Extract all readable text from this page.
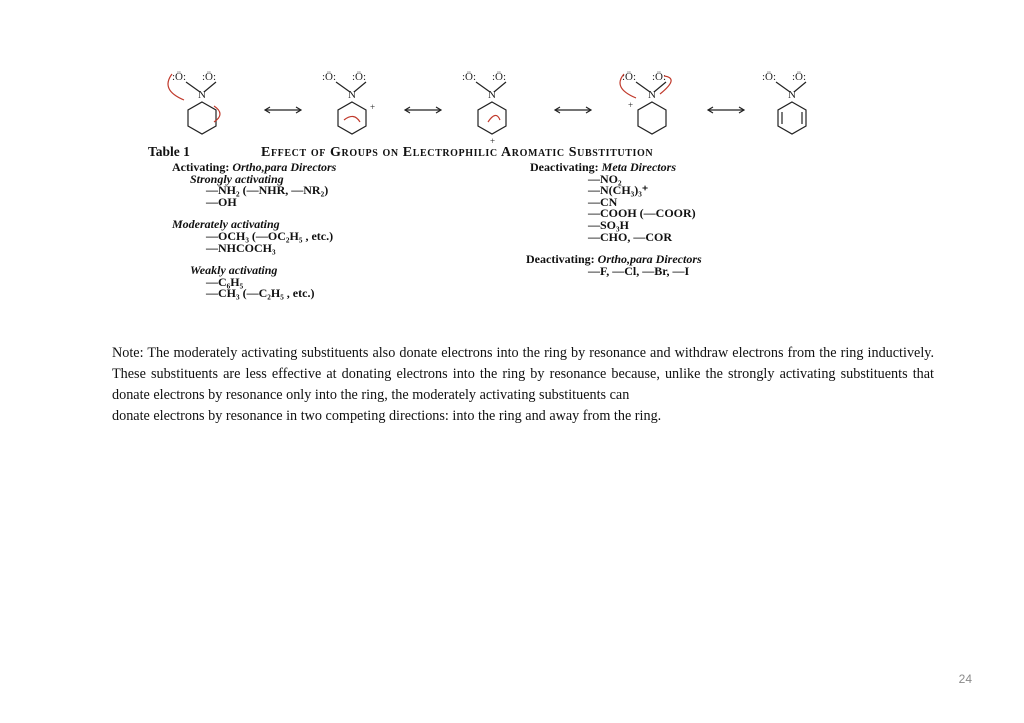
:Ö: :Ö:
N
:Ö: :Ö:
N
+
:Ö: :Ö:
N
+
:Ö: :Ö:
N
+
:Ö: :Ö:
N
Table 1	Effect of Groups on Electrophilic Aromatic Substitution
Activating: Ortho,para Directors
Strongly activating
—NH₂ (—NHR, —NR₂)
—OH
Moderately activating
—OCH₃ (—OC₂H₅ , etc.)
—NHCOCH₃
Weakly activating
—C₆H₅
—CH₃ (—C₂H₅ , etc.)
Deactivating: Meta Directors
—NO₂
—N(CH₃)₃⁺
—CN
—COOH (—COOR)
—SO₃H
—CHO, —COR
Deactivating: Ortho,para Directors
—F, —Cl, —Br, —I

Note: The moderately activating substituents also donate electrons into the ring by resonance and withdraw electrons from the ring inductively. These substituents are less effective at donating electrons into the ring by resonance because, unlike the strongly activating substituents that donate electrons by resonance only into the ring, the moderately activating substituents can

donate electrons by resonance in two competing directions: into the ring and away from the ring.

24
